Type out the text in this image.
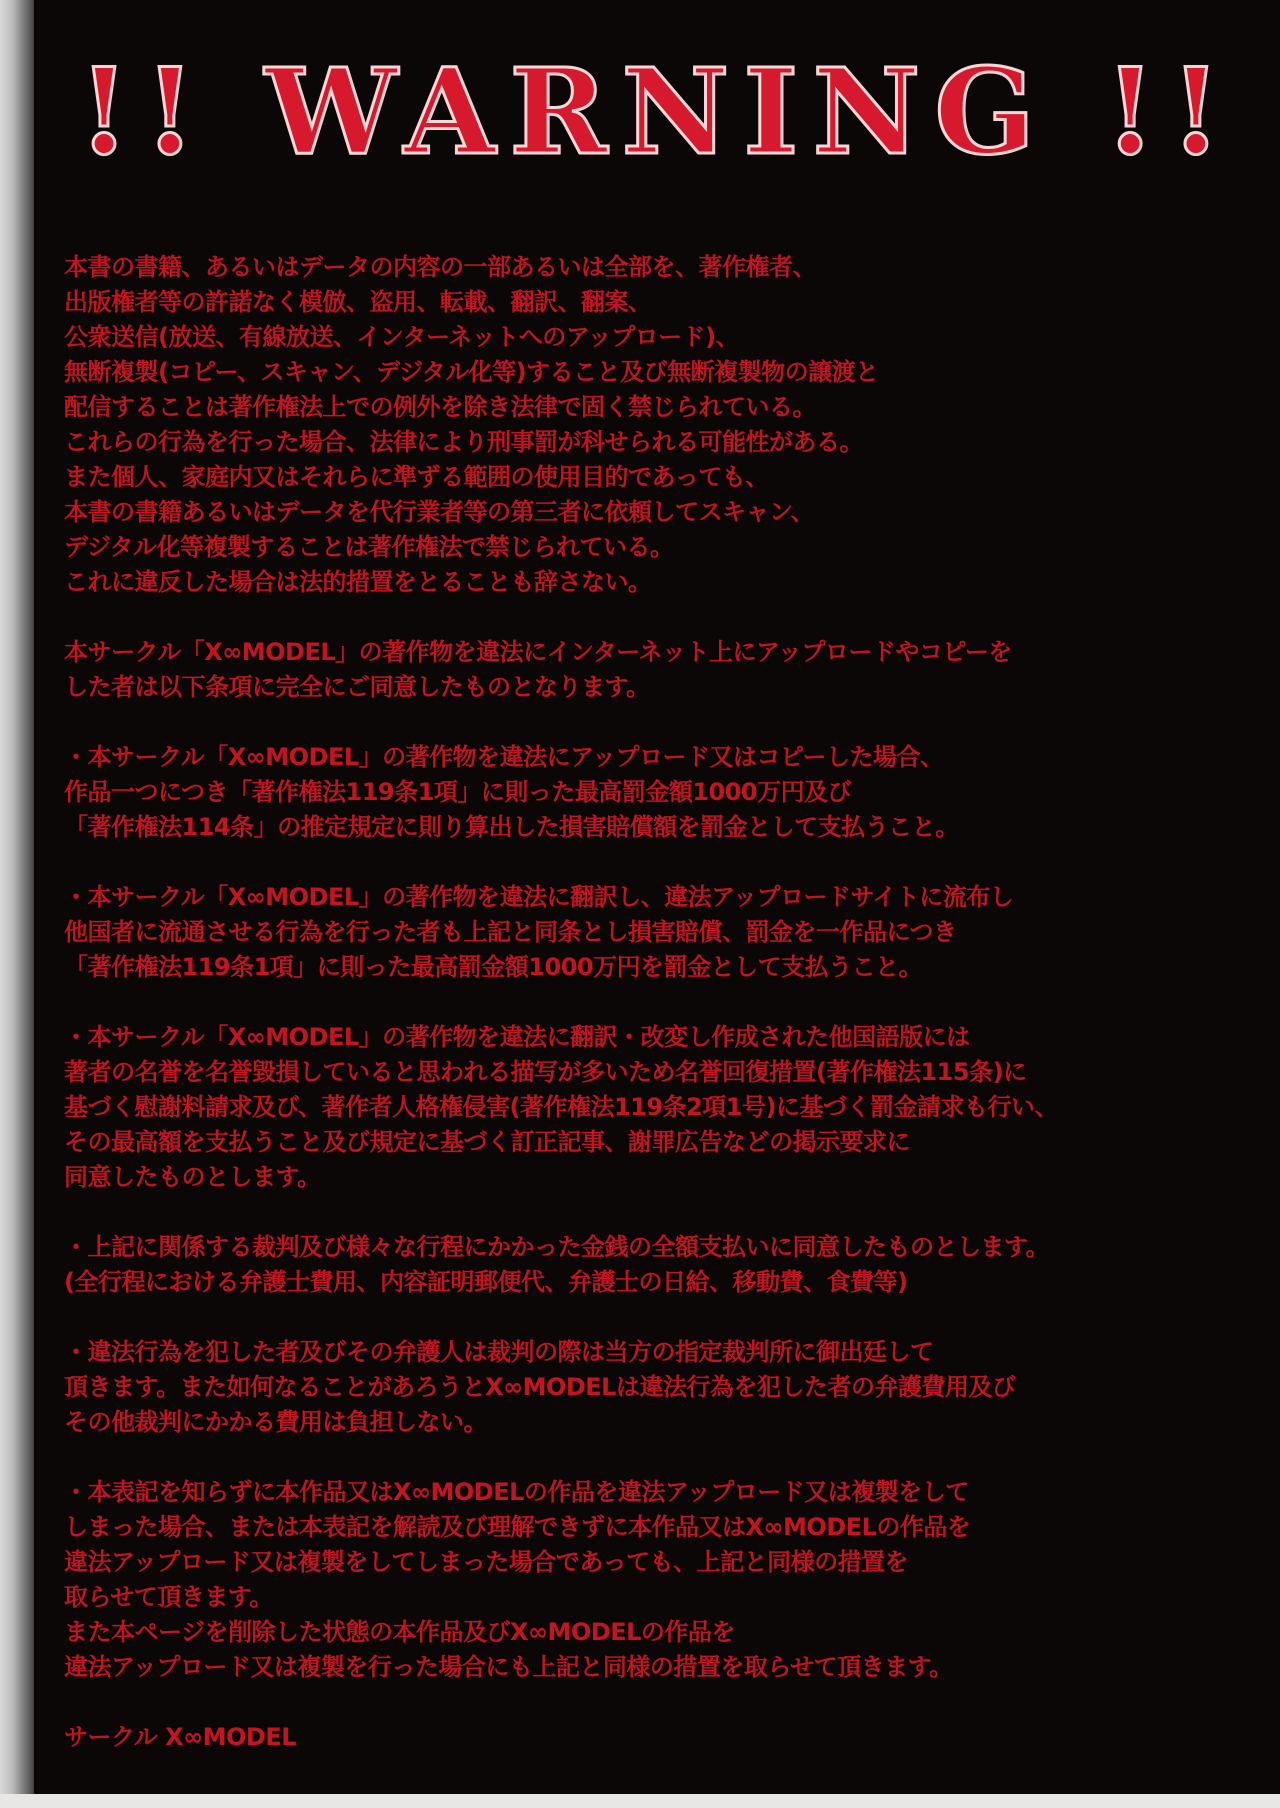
!! WARNING !!
本書の書籍、あるいはデータの内容の一部あるいは全部を、著作権者、
出版権者等の許諾なく模倣、盗用、転載、翻訳、翻案、
公衆送信(放送、有線放送、インターネットへのアップロード)、
無断複製(コピー、スキャン、デジタル化等)すること及び無断複製物の譲渡と
配信することは著作権法上での例外を除き法律で固く禁じられている。
これらの行為を行った場合、法律により刑事罰が科せられる可能性がある。
また個人、家庭内又はそれらに準ずる範囲の使用目的であっても、
本書の書籍あるいはデータを代行業者等の第三者に依頼してスキャン、
デジタル化等複製することは著作権法で禁じられている。
これに違反した場合は法的措置をとることも辞さない。
本サークル「X∞MODEL」の著作物を違法にインターネット上にアップロードやコピーを
した者は以下条項に完全にご同意したものとなります。
・本サークル「X∞MODEL」の著作物を違法にアップロード又はコピーした場合、
作品一つにつき「著作権法119条1項」に則った最高罰金額1000万円及び
「著作権法114条」の推定規定に則り算出した損害賠償額を罰金として支払うこと。
・本サークル「X∞MODEL」の著作物を違法に翻訳し、違法アップロードサイトに流布し
他国者に流通させる行為を行った者も上記と同条とし損害賠償、罰金を一作品につき
「著作権法119条1項」に則った最高罰金額1000万円を罰金として支払うこと。
・本サークル「X∞MODEL」の著作物を違法に翻訳・改変し作成された他国語版には
著者の名誉を名誉毀損していると思われる描写が多いため名誉回復措置(著作権法115条)に
基づく慰謝料請求及び、著作者人格権侵害(著作権法119条2項1号)に基づく罰金請求も行い、
その最高額を支払うこと及び規定に基づく訂正記事、謝罪広告などの掲示要求に
同意したものとします。
・上記に関係する裁判及び様々な行程にかかった金銭の全額支払いに同意したものとします。
(全行程における弁護士費用、内容証明郵便代、弁護士の日給、移動費、食費等)
・違法行為を犯した者及びその弁護人は裁判の際は当方の指定裁判所に御出廷して
頂きます。また如何なることがあろうとX∞MODELは違法行為を犯した者の弁護費用及び
その他裁判にかかる費用は負担しない。
・本表記を知らずに本作品又はX∞MODELの作品を違法アップロード又は複製をして
しまった場合、または本表記を解読及び理解できずに本作品又はX∞MODELの作品を
違法アップロード又は複製をしてしまった場合であっても、上記と同様の措置を
取らせて頂きます。
また本ページを削除した状態の本作品及びX∞MODELの作品を
違法アップロード又は複製を行った場合にも上記と同様の措置を取らせて頂きます。
サークル X∞MODEL
